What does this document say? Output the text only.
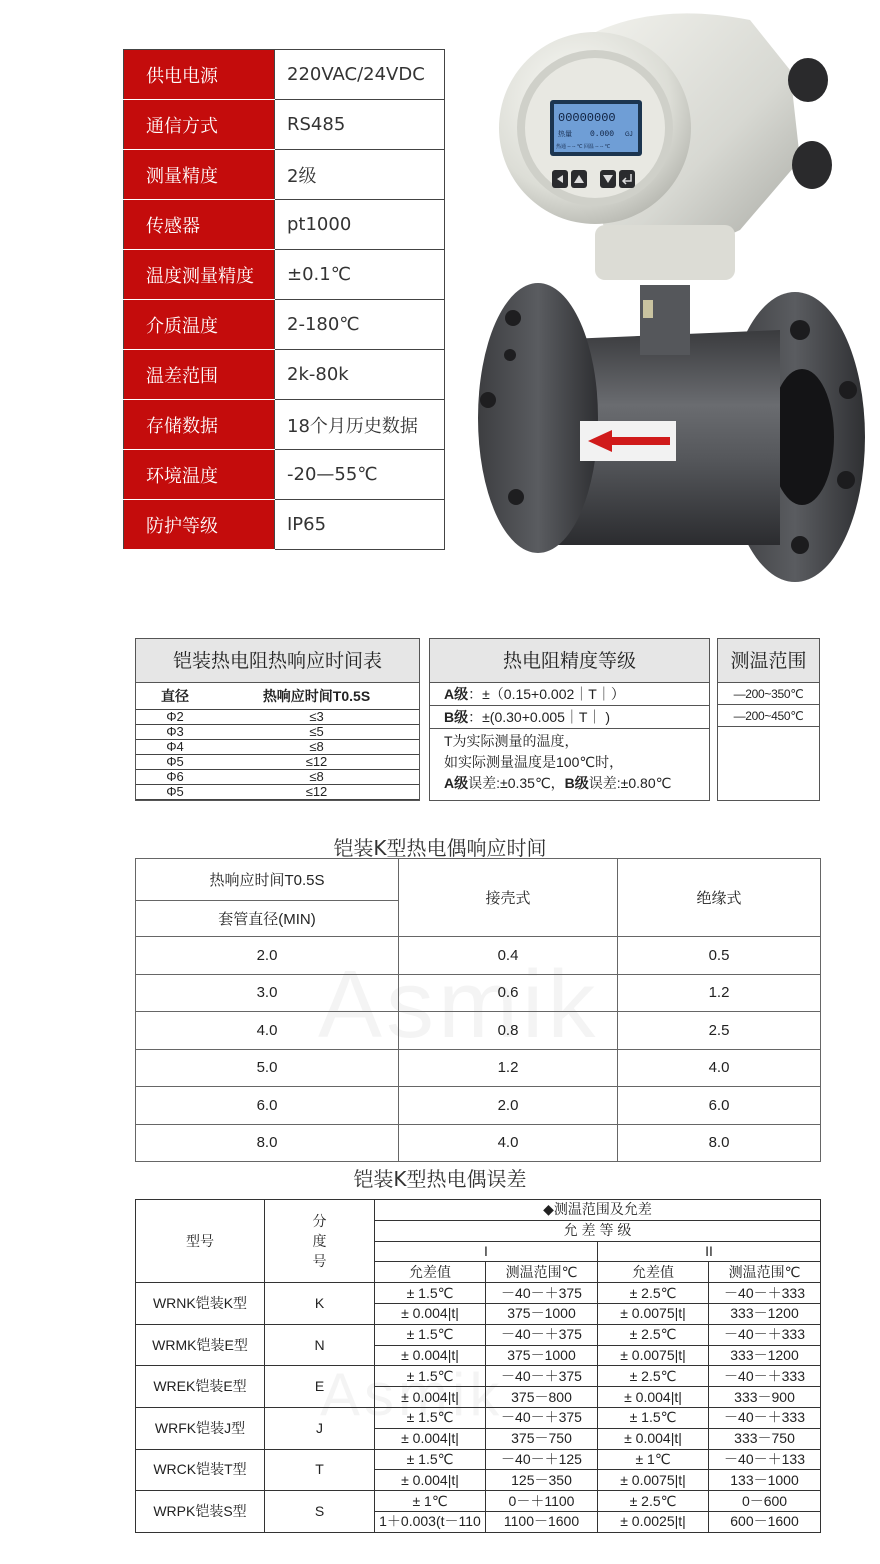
供电电源	220VAC/24VDC
通信方式	RS485
测量精度	2级
传感器	pt1000
温度测量精度	±0.1℃
介质温度	2-180℃
温差范围	2k-80k
存储数据	18个月历史数据
环境温度	-20—55℃
防护等级	IP65
00000000
热量 0.000 GJ
热通 -- -- ℃ 回温 -- -- ℃
铠装热电阻热响应时间表
直径	热响应时间T0.5S
Φ2	≤3
Φ3	≤5
Φ4	≤8
Φ5	≤12
Φ6	≤8
Φ5	≤12
热电阻精度等级
A级：±（0.15+0.002｜T｜）
B级：±(0.30+0.005｜T｜ )
T为实际测量的温度，
如实际测量温度是100℃时，
A级误差:±0.35℃，B级误差:±0.80℃
测温范围
—200~350℃
—200~450℃
铠装K型热电偶响应时间
热响应时间T0.5S	接壳式	绝缘式
套管直径(MIN)		
2.0	0.4	0.5
3.0	0.6	1.2
4.0	0.8	2.5
5.0	1.2	4.0
6.0	2.0	6.0
8.0	4.0	8.0
铠装K型热电偶误差
型号	分度号	◆测温范围及允差			
		允 差 等 级			
		I		II	
		允差值	测温范围℃	允差值	测温范围℃
WRNK铠装K型	K	± 1.5℃	－40－＋375	± 2.5℃	－40－＋333
		± 0.004|t|	375－1000	± 0.0075|t|	333－1200
WRMK铠装E型	N	± 1.5℃	－40－＋375	± 2.5℃	－40－＋333
		± 0.004|t|	375－1000	± 0.0075|t|	333－1200
WREK铠装E型	E	± 1.5℃	－40－＋375	± 2.5℃	－40－＋333
		± 0.004|t|	375－800	± 0.004|t|	333－900
WRFK铠装J型	J	± 1.5℃	－40－＋375	± 1.5℃	－40－＋333
		± 0.004|t|	375－750	± 0.004|t|	333－750
WRCK铠装T型	T	± 1.5℃	－40－＋125	± 1℃	－40－＋133
		± 0.004|t|	125－350	± 0.0075|t|	133－1000
WRPK铠装S型	S	± 1℃	0－＋1100	± 2.5℃	0－600
		1＋0.003(t－110	1100－1600	± 0.0025|t|	600－1600
